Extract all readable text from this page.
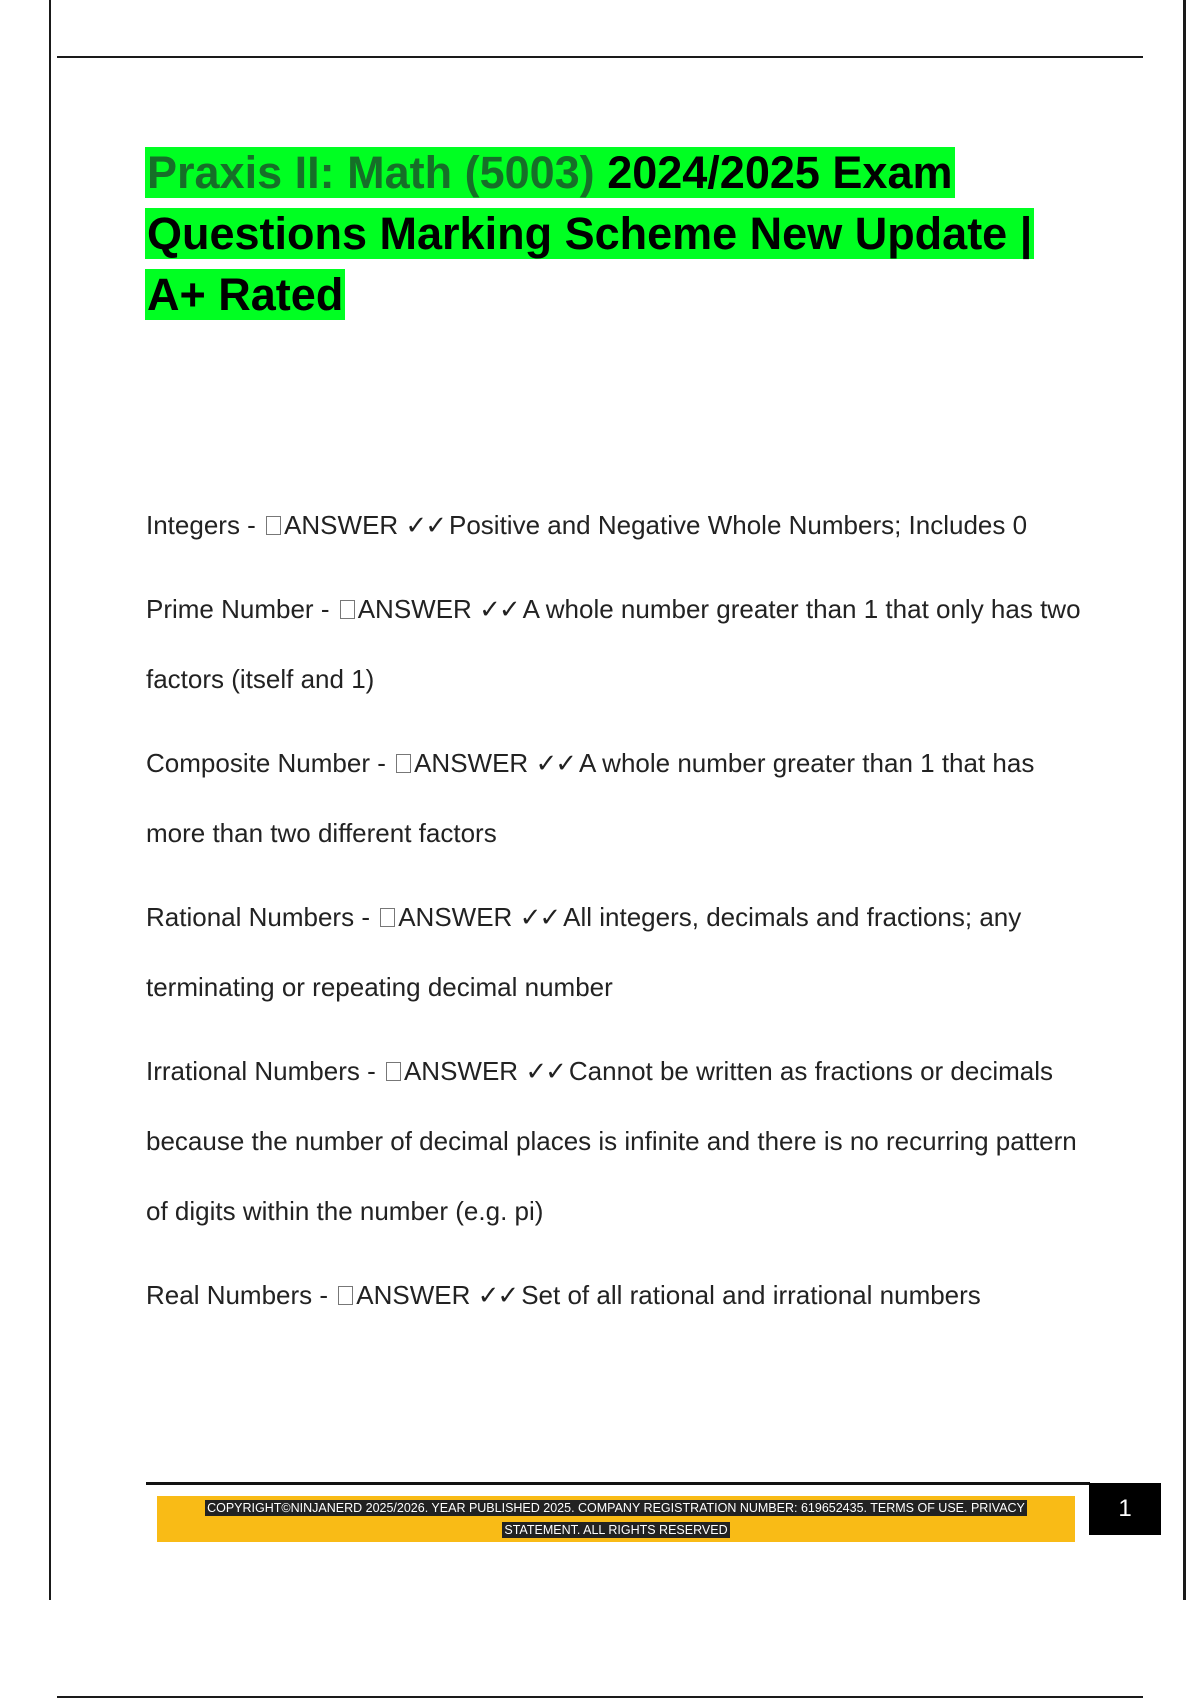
Praxis II: Math (5003) 2024/2025 Exam Questions Marking Scheme New Update | A+ Rated

Integers - ANSWER ✓✓ Positive and Negative Whole Numbers; Includes 0

Prime Number - ANSWER ✓✓ A whole number greater than 1 that only has two factors (itself and 1)

Composite Number - ANSWER ✓✓ A whole number greater than 1 that has more than two different factors

Rational Numbers - ANSWER ✓✓ All integers, decimals and fractions; any terminating or repeating decimal number

Irrational Numbers - ANSWER ✓✓ Cannot be written as fractions or decimals because the number of decimal places is infinite and there is no recurring pattern of digits within the number (e.g. pi)

Real Numbers - ANSWER ✓✓ Set of all rational and irrational numbers

COPYRIGHT©NINJANERD 2025/2026. YEAR PUBLISHED 2025. COMPANY REGISTRATION NUMBER: 619652435. TERMS OF USE. PRIVACY STATEMENT. ALL RIGHTS RESERVED
1
